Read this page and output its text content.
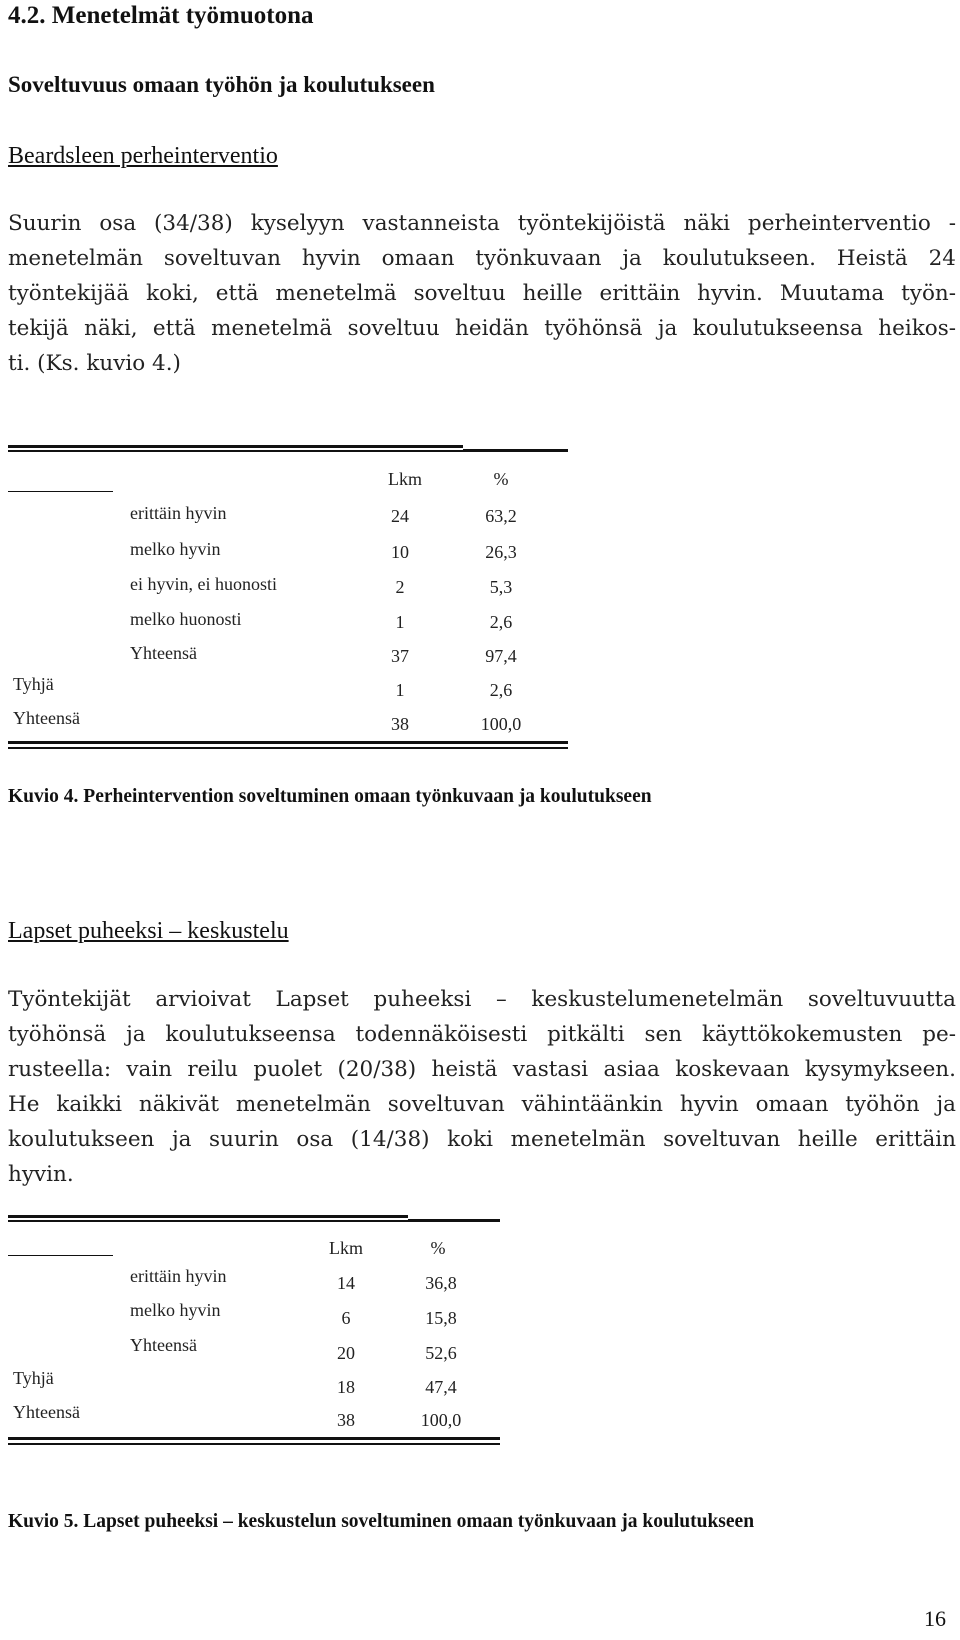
4.2. Menetelmät työmuotona
Soveltuvuus omaan työhön ja koulutukseen
Beardsleen perheinterventio
Suurin osa (34/38) kyselyyn vastanneista työntekijöistä näki perheinterventio -
menetelmän soveltuvan hyvin omaan työnkuvaan ja koulutukseen. Heistä 24
työntekijää koki, että menetelmä soveltuu heille erittäin hyvin. Muutama työn-
tekijä näki, että menetelmä soveltuu heidän työhönsä ja koulutukseensa heikos-
ti. (Ks. kuvio 4.)
Lkm	%
erittäin hyvin	24	63,2
melko hyvin	10	26,3
ei hyvin, ei huonosti	2	5,3
melko huonosti	1	2,6
Yhteensä	37	97,4
Tyhjä	1	2,6
Yhteensä	38	100,0
Kuvio 4. Perheintervention soveltuminen omaan työnkuvaan ja koulutukseen
Lapset puheeksi – keskustelu
Työntekijät arvioivat Lapset puheeksi – keskustelumenetelmän soveltuvuutta
työhönsä ja koulutukseensa todennäköisesti pitkälti sen käyttökokemusten pe-
rusteella: vain reilu puolet (20/38) heistä vastasi asiaa koskevaan kysymykseen.
He kaikki näkivät menetelmän soveltuvan vähintäänkin hyvin omaan työhön ja
koulutukseen ja suurin osa (14/38) koki menetelmän soveltuvan heille erittäin
hyvin.
Lkm	%
erittäin hyvin	14	36,8
melko hyvin	6	15,8
Yhteensä	20	52,6
Tyhjä	18	47,4
Yhteensä	38	100,0
Kuvio 5. Lapset puheeksi – keskustelun soveltuminen omaan työnkuvaan ja koulutukseen
16
